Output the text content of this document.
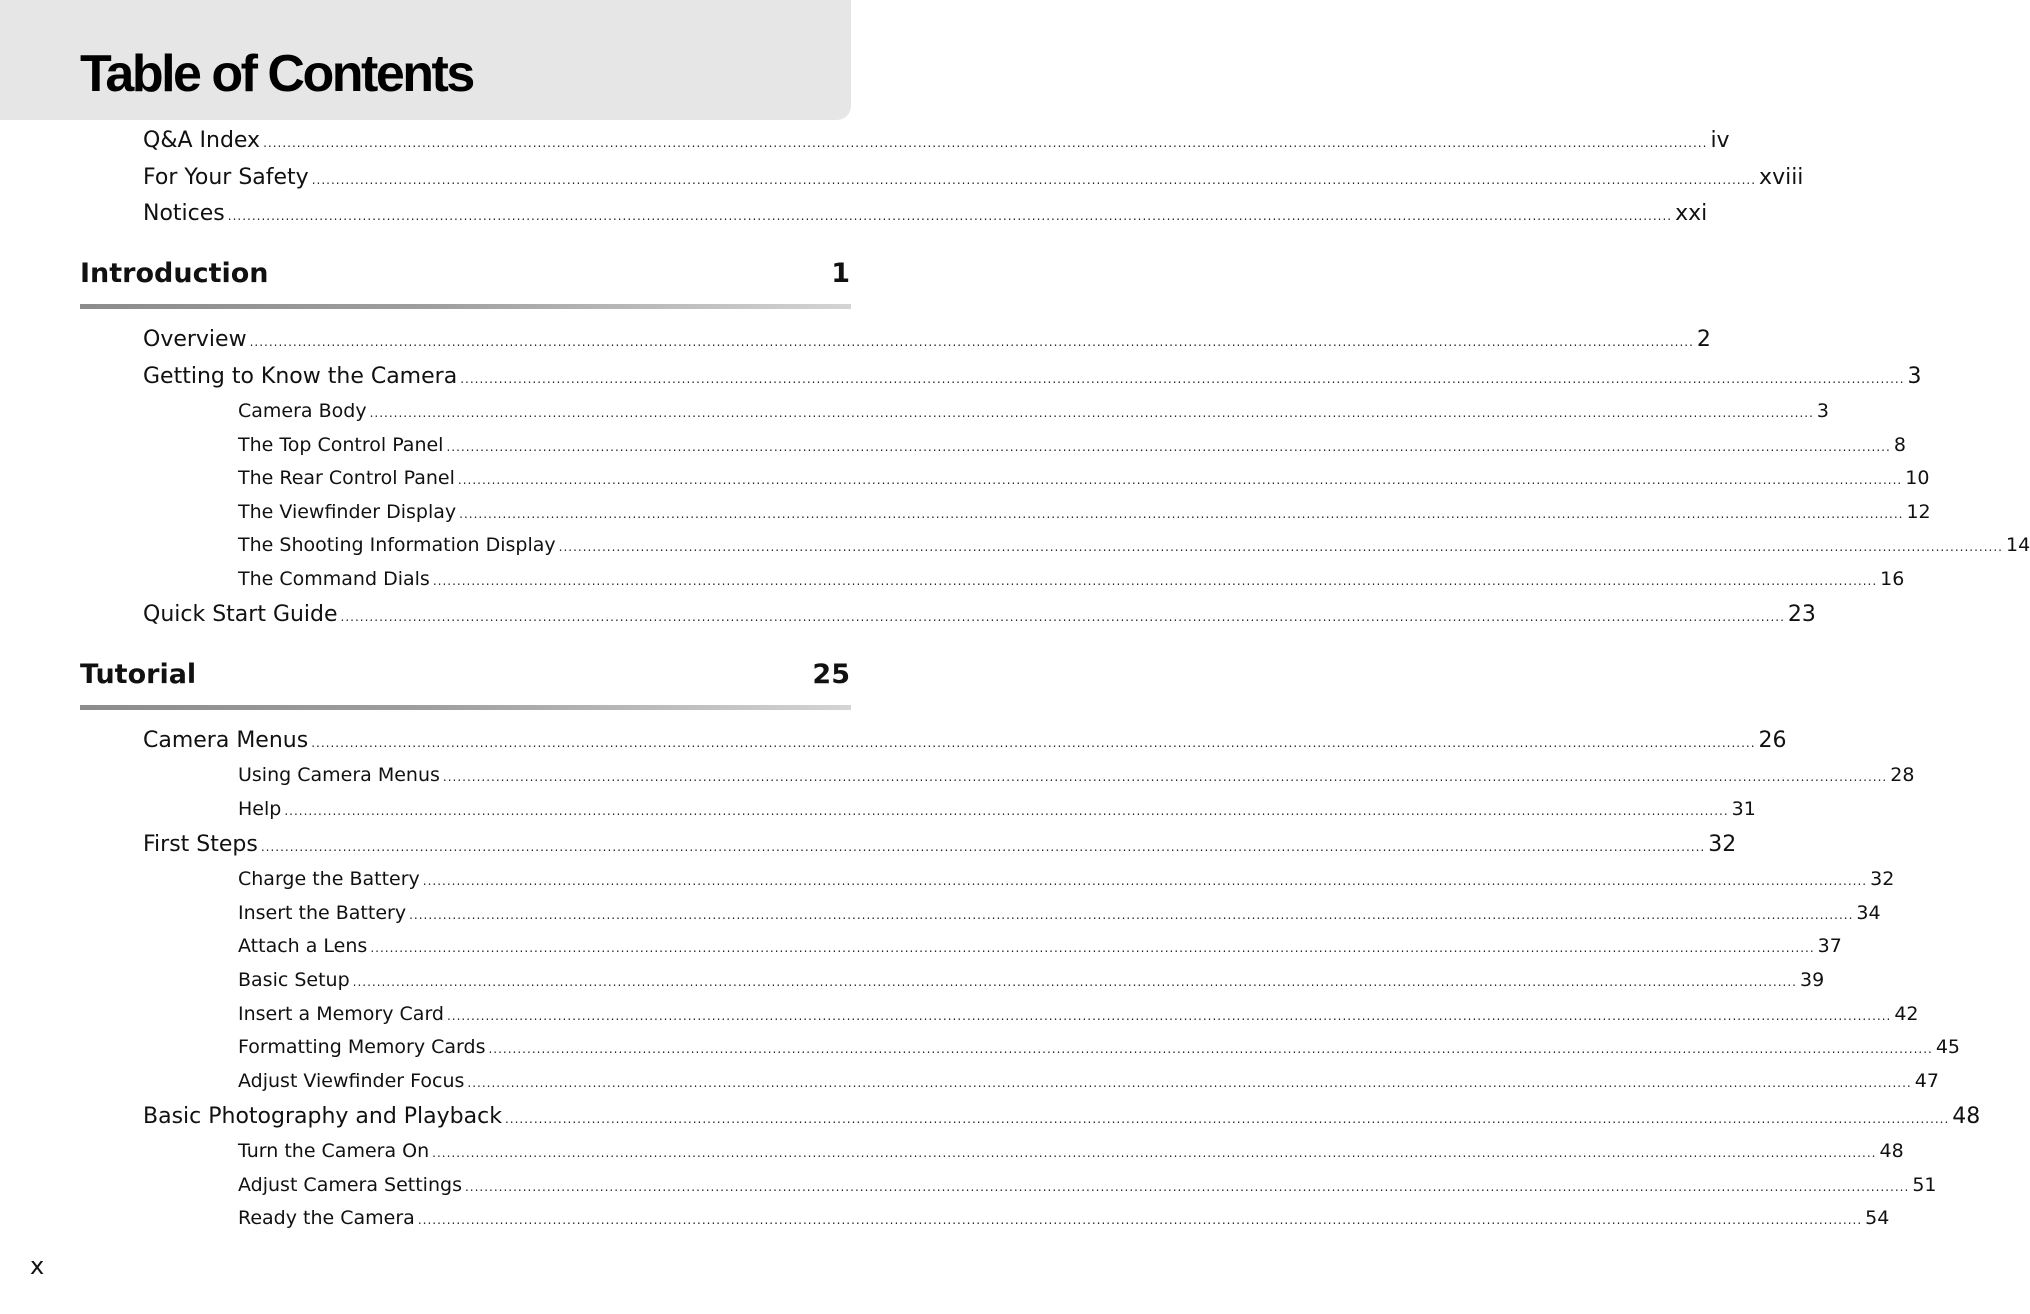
Table of Contents
Q&A Index ............................................................................................................................................................................................................................................................................................................ iv
For Your Safety ............................................................................................................................................................................................................................................................................................................ xviii
Notices ............................................................................................................................................................................................................................................................................................................ xxi
Introduction	1
Overview ............................................................................................................................................................................................................................................................................................................ 2
Getting to Know the Camera ............................................................................................................................................................................................................................................................................................................ 3
Camera Body ............................................................................................................................................................................................................................................................................................................ 3
The Top Control Panel ............................................................................................................................................................................................................................................................................................................ 8
The Rear Control Panel ............................................................................................................................................................................................................................................................................................................ 10
The Viewfinder Display ............................................................................................................................................................................................................................................................................................................ 12
The Shooting Information Display ............................................................................................................................................................................................................................................................................................................ 14
The Command Dials ............................................................................................................................................................................................................................................................................................................ 16
Quick Start Guide ............................................................................................................................................................................................................................................................................................................ 23
Tutorial	25
Camera Menus ............................................................................................................................................................................................................................................................................................................ 26
Using Camera Menus ............................................................................................................................................................................................................................................................................................................ 28
Help ............................................................................................................................................................................................................................................................................................................ 31
First Steps ............................................................................................................................................................................................................................................................................................................ 32
Charge the Battery ............................................................................................................................................................................................................................................................................................................ 32
Insert the Battery ............................................................................................................................................................................................................................................................................................................ 34
Attach a Lens ............................................................................................................................................................................................................................................................................................................ 37
Basic Setup ............................................................................................................................................................................................................................................................................................................ 39
Insert a Memory Card ............................................................................................................................................................................................................................................................................................................ 42
Formatting Memory Cards ............................................................................................................................................................................................................................................................................................................ 45
Adjust Viewfinder Focus ............................................................................................................................................................................................................................................................................................................ 47
Basic Photography and Playback ............................................................................................................................................................................................................................................................................................................ 48
Turn the Camera On ............................................................................................................................................................................................................................................................................................................ 48
Adjust Camera Settings ............................................................................................................................................................................................................................................................................................................ 51
Ready the Camera ............................................................................................................................................................................................................................................................................................................ 54
x
